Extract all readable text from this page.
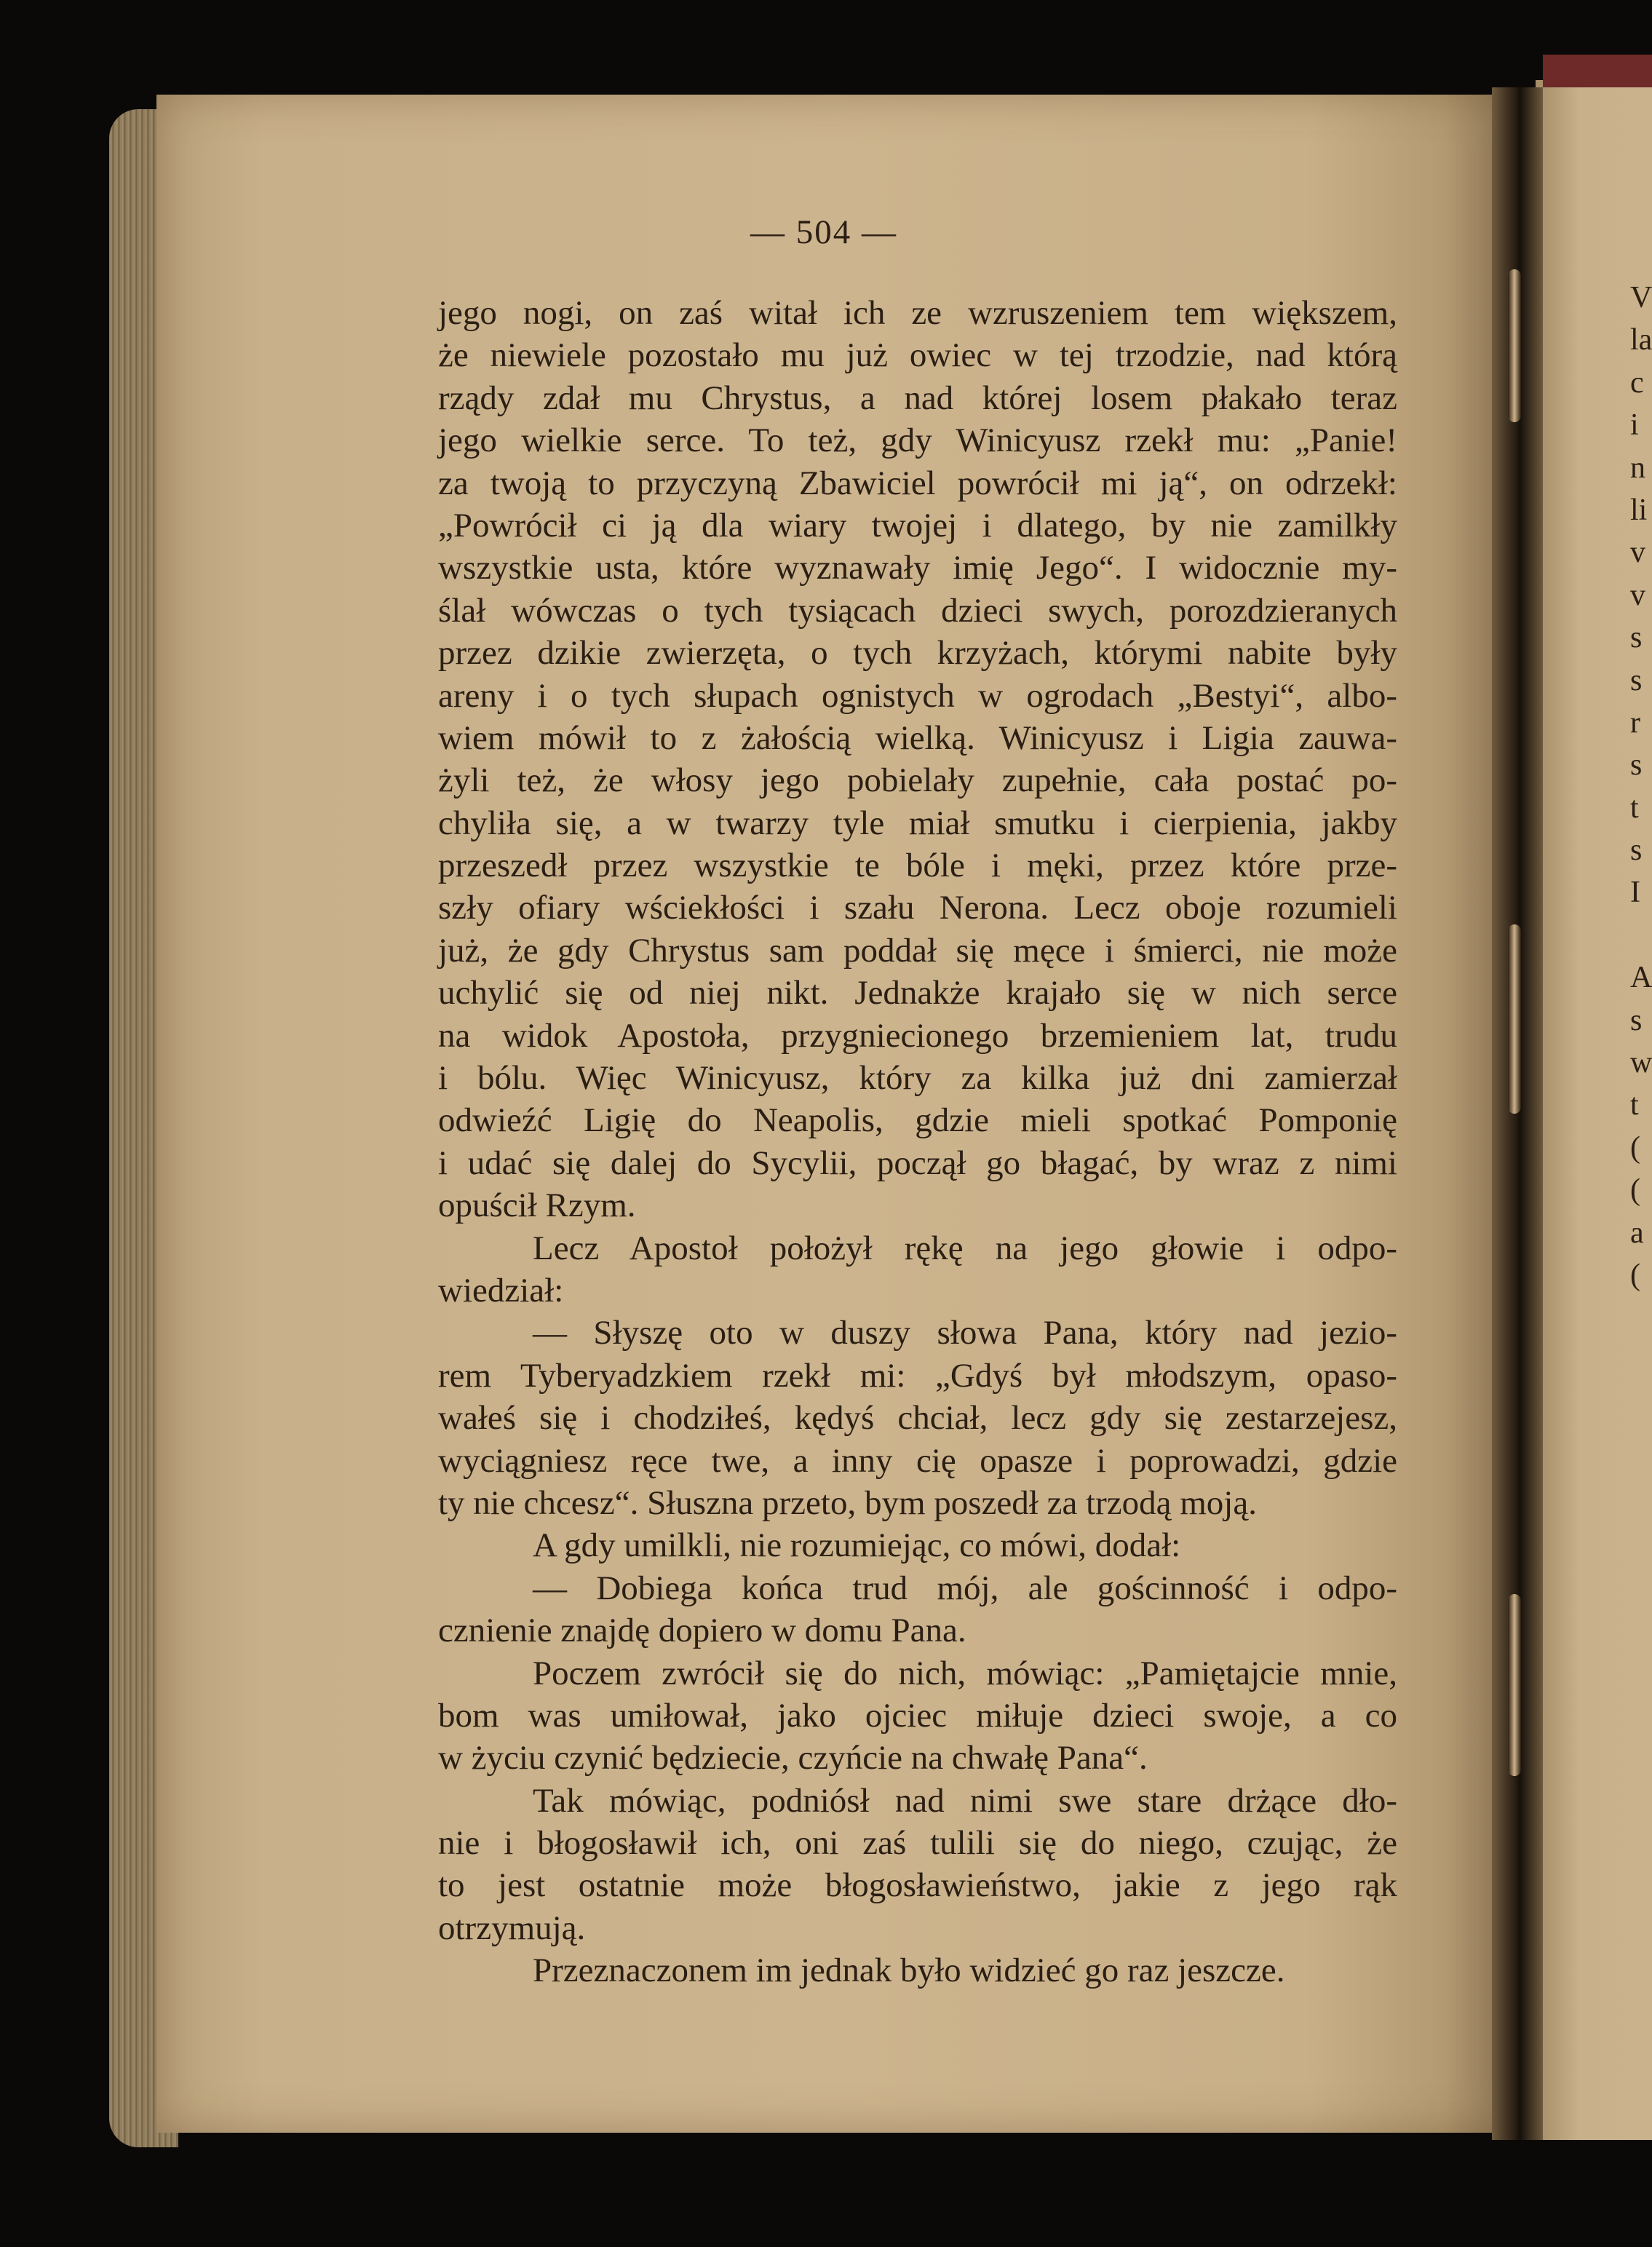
— 504 —
jego nogi, on zaś witał ich ze wzruszeniem tem większem,
że niewiele pozostało mu już owiec w tej trzodzie, nad którą
rządy zdał mu Chrystus, a nad której losem płakało teraz
jego wielkie serce. To też, gdy Winicyusz rzekł mu: „Panie!
za twoją to przyczyną Zbawiciel powrócił mi ją“, on odrzekł:
„Powrócił ci ją dla wiary twojej i dlatego, by nie zamilkły
wszystkie usta, które wyznawały imię Jego“. I widocznie my-
ślał wówczas o tych tysiącach dzieci swych, porozdzieranych
przez dzikie zwierzęta, o tych krzyżach, którymi nabite były
areny i o tych słupach ognistych w ogrodach „Bestyi“, albo-
wiem mówił to z żałością wielką. Winicyusz i Ligia zauwa-
żyli też, że włosy jego pobielały zupełnie, cała postać po-
chyliła się, a w twarzy tyle miał smutku i cierpienia, jakby
przeszedł przez wszystkie te bóle i męki, przez które prze-
szły ofiary wściekłości i szału Nerona. Lecz oboje rozumieli
już, że gdy Chrystus sam poddał się męce i śmierci, nie może
uchylić się od niej nikt. Jednakże krajało się w nich serce
na widok Apostoła, przygniecionego brzemieniem lat, trudu
i bólu. Więc Winicyusz, który za kilka już dni zamierzał
odwieźć Ligię do Neapolis, gdzie mieli spotkać Pomponię
i udać się dalej do Sycylii, począł go błagać, by wraz z nimi
opuścił Rzym.
Lecz Apostoł położył rękę na jego głowie i odpo-
wiedział:
— Słyszę oto w duszy słowa Pana, który nad jezio-
rem Tyberyadzkiem rzekł mi: „Gdyś był młodszym, opaso-
wałeś się i chodziłeś, kędyś chciał, lecz gdy się zestarzejesz,
wyciągniesz ręce twe, a inny cię opasze i poprowadzi, gdzie
ty nie chcesz“. Słuszna przeto, bym poszedł za trzodą moją.
A gdy umilkli, nie rozumiejąc, co mówi, dodał:
— Dobiega końca trud mój, ale gościnność i odpo-
cznienie znajdę dopiero w domu Pana.
Poczem zwrócił się do nich, mówiąc: „Pamiętajcie mnie,
bom was umiłował, jako ojciec miłuje dzieci swoje, a co
w życiu czynić będziecie, czyńcie na chwałę Pana“.
Tak mówiąc, podniósł nad nimi swe stare drżące dło-
nie i błogosławił ich, oni zaś tulili się do niego, czując, że
to jest ostatnie może błogosławieństwo, jakie z jego rąk
otrzymują.
Przeznaczonem im jednak było widzieć go raz jeszcze.
V
la
c
i
n
li
v
v
s
s
r
s
t
s
I
A
s
w
t
(
(
a
(
